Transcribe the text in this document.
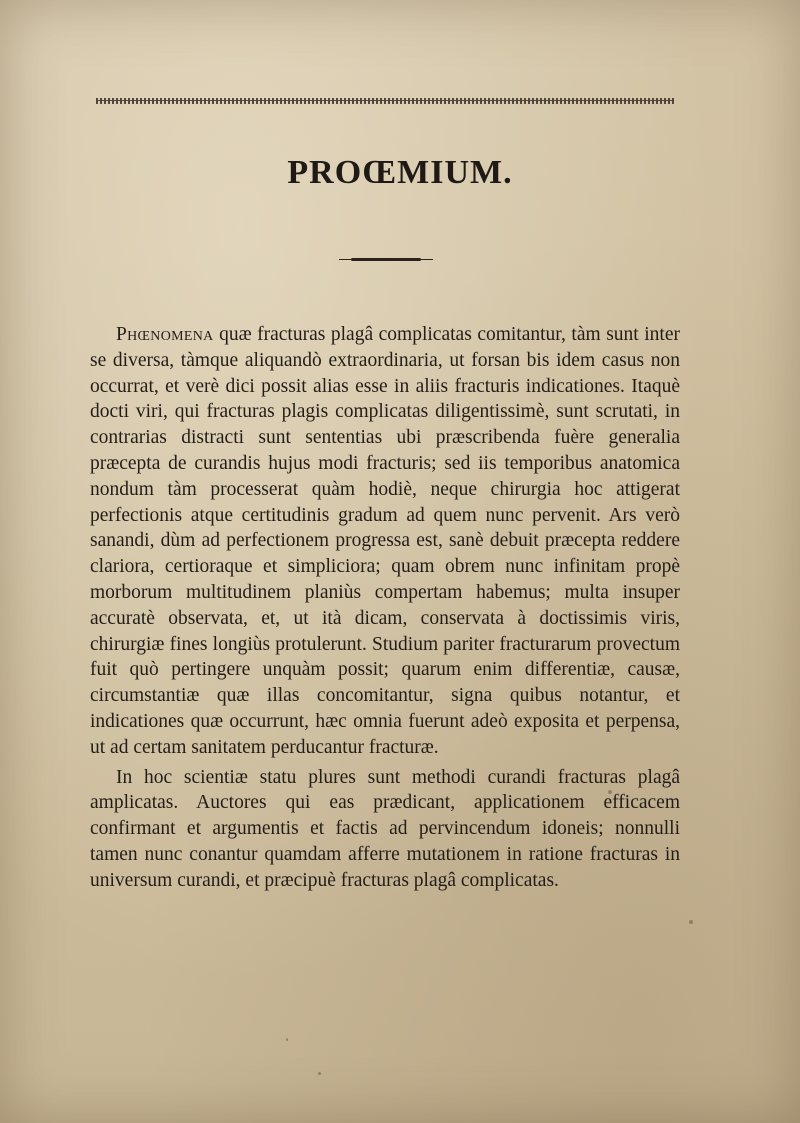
PROŒMIUM.

Phœnomena quæ fracturas plagâ complicatas comitantur, tàm sunt inter se diversa, tàmque aliquandò extraordinaria, ut forsan bis idem casus non occurrat, et verè dici possit alias esse in aliis fracturis indicationes. Itaquè docti viri, qui fracturas plagis complicatas diligentissimè, sunt scrutati, in contrarias distracti sunt sententias ubi præscribenda fuère generalia præcepta de curandis hujus modi fracturis; sed iis temporibus anatomica nondum tàm processerat quàm hodiè, neque chirurgia hoc attigerat perfectionis atque certitudinis gradum ad quem nunc pervenit. Ars verò sanandi, dùm ad perfectionem progressa est, sanè debuit præcepta reddere clariora, certioraque et simpliciora; quam obrem nunc infinitam propè morborum multitudinem planiùs compertam habemus; multa insuper accuratè observata, et, ut ità dicam, conservata à doctissimis viris, chirurgiæ fines longiùs protulerunt. Studium pariter fracturarum provectum fuit quò pertingere unquàm possit; quarum enim differentiæ, causæ, circumstantiæ quæ illas concomitantur, signa quibus notantur, et indicationes quæ occurrunt, hæc omnia fuerunt adeò exposita et perpensa, ut ad certam sanitatem perducantur fracturæ.

In hoc scientiæ statu plures sunt methodi curandi fracturas plagâ amplicatas. Auctores qui eas prædicant, applicationem efficacem confirmant et argumentis et factis ad pervincendum idoneis; nonnulli tamen nunc conantur quamdam afferre mutationem in ratione fracturas in universum curandi, et præcipuè fracturas plagâ complicatas.
